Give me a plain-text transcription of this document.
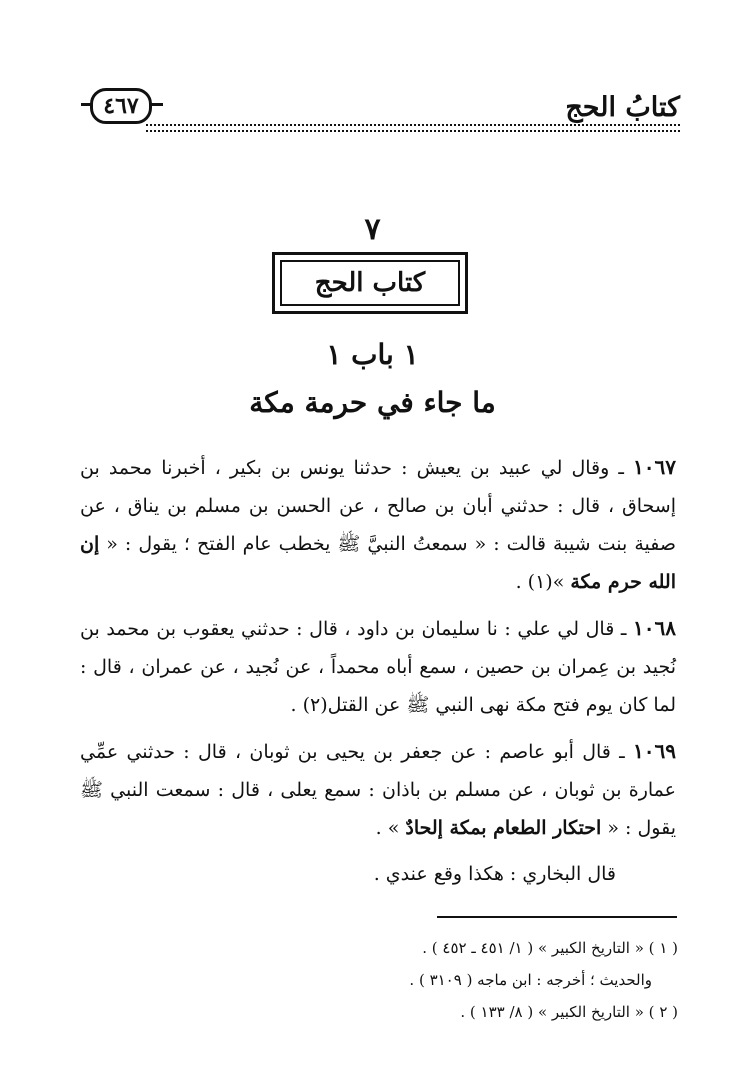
كتابُ الحج
٤٦٧
٧
كتاب الحج
١ باب ١
ما جاء في حرمة مكة

١٠٦٧ ـ وقال لي عبيد بن يعيش : حدثنا يونس بن بكير ، أخبرنا محمد بن إسحاق ، قال : حدثني أبان بن صالح ، عن الحسن بن مسلم بن يناق ، عن صفية بنت شيبة قالت : « سمعتُ النبيَّ ﷺ يخطب عام الفتح ؛ يقول : « إن الله حرم مكة »(١) .

١٠٦٨ ـ قال لي علي : نا سليمان بن داود ، قال : حدثني يعقوب بن محمد بن نُجيد بن عِمران بن حصين ، سمع أباه محمداً ، عن نُجيد ، عن عمران ، قال : لما كان يوم فتح مكة نهى النبي ﷺ عن القتل(٢) .

١٠٦٩ ـ قال أبو عاصم : عن جعفر بن يحيى بن ثوبان ، قال : حدثني عمِّي عمارة بن ثوبان ، عن مسلم بن باذان : سمع يعلى ، قال : سمعت النبي ﷺ يقول : « احتكار الطعام بمكة إلحادٌ » .

قال البخاري : هكذا وقع عندي .

( ١ ) « التاريخ الكبير » ( ١/ ٤٥١ ـ ٤٥٢ ) .
والحديث ؛ أخرجه : ابن ماجه ( ٣١٠٩ ) .
( ٢ ) « التاريخ الكبير » ( ٨/ ١٣٣ ) .
